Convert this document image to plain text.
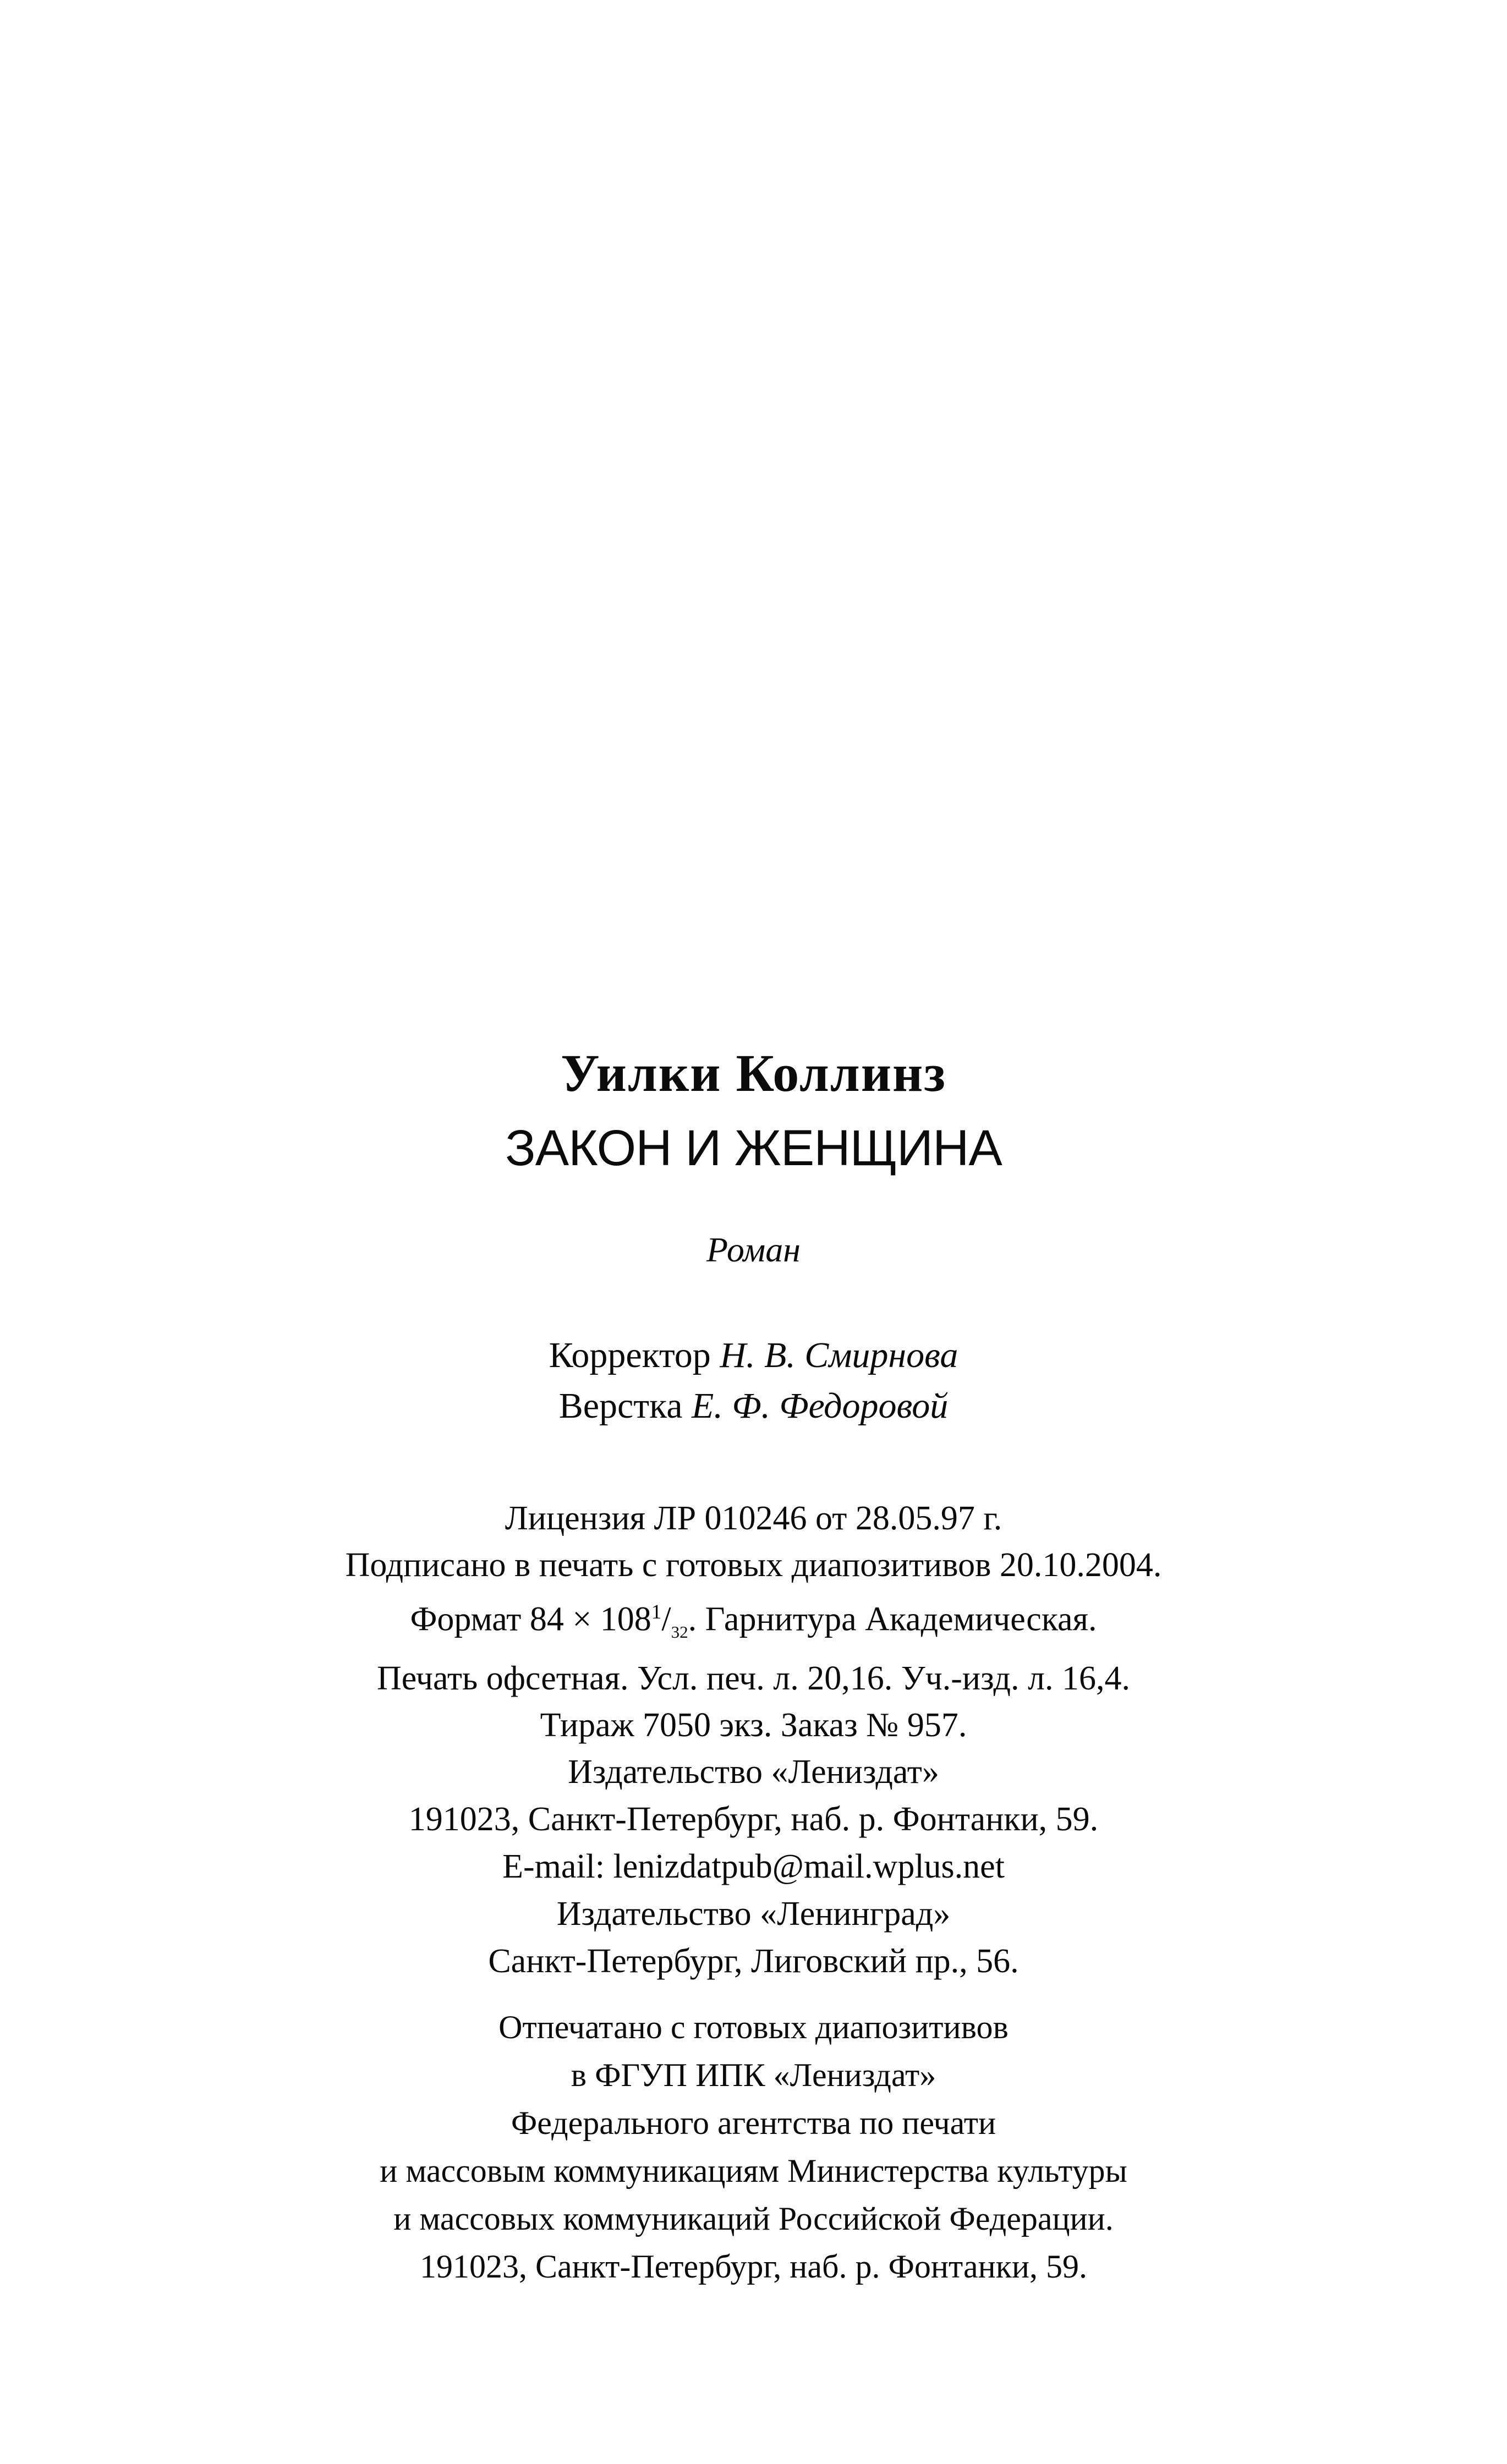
Уилки Коллинз
ЗАКОН И ЖЕНЩИНА
Роман
Корректор Н. В. Смирнова
Верстка Е. Ф. Федоровой
Лицензия ЛР 010246 от 28.05.97 г.
Подписано в печать с готовых диапозитивов 20.10.2004.
Формат $84 \times 108^1/_{32}$. Гарнитура Академическая.
Печать офсетная. Усл. печ. л. 20,16. Уч.-изд. л. 16,4.
Тираж 7050 экз. Заказ № 957.
Издательство «Лениздат»
191023, Санкт-Петербург, наб. р. Фонтанки, 59.
E-mail: lenizdatpub@mail.wplus.net
Издательство «Ленинград»
Санкт-Петербург, Лиговский пр., 56.
Отпечатано с готовых диапозитивов
в ФГУП ИПК «Лениздат»
Федерального агентства по печати
и массовым коммуникациям Министерства культуры
и массовых коммуникаций Российской Федерации.
191023, Санкт-Петербург, наб. р. Фонтанки, 59.
